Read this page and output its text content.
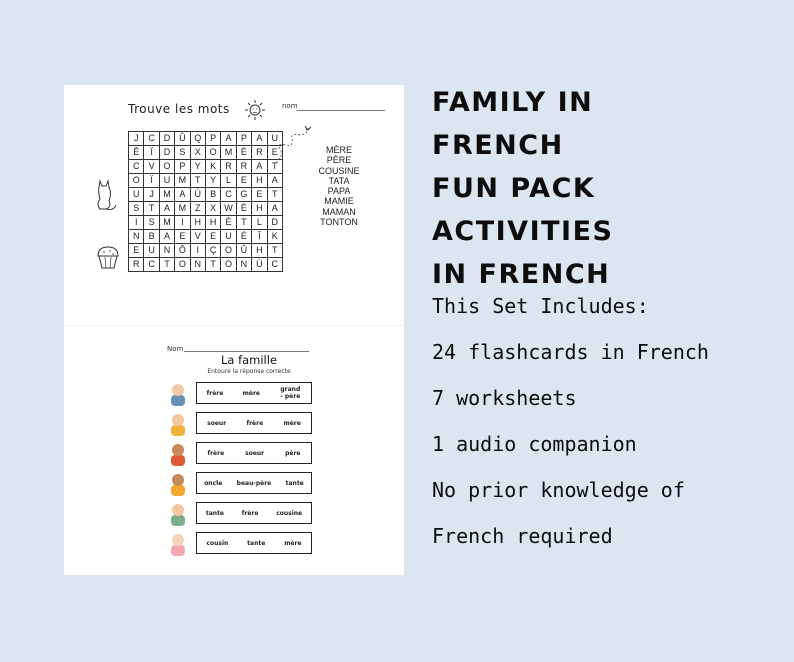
Trouve les mots	nom
J	C	D	Û	Q	P	A	P	A	U
Ê	Ï	D	S	X	O	M	È	R	E
C	V	O	P	Y	K	R	R	A	T
O	Ï	U	M	T	Y	L	E	H	A
U	J	M	A	Ù	B	C	G	E	T
S	T	A	M	Z	X	W	È	H	A
I	S	M	I	H	H	È	T	L	D
N	B	A	E	V	E	U	É	Î	K
E	U	N	Ô	I	Ç	O	Û	H	T
R	C	T	O	N	T	O	N	Ù	C
MÈRE
PÈRE
COUSINE
TATA
PAPA
MAMIE
MAMAN
TONTON
Nom
La famille
Entoure la réponse correcte
frère	mère	grand - père
soeur	frère	mère
frère	soeur	père
oncle beau-père tante
tante	frère	cousine
cousin	tante	mère
FAMILY IN
FRENCH
FUN PACK
ACTIVITIES
IN FRENCH
This Set Includes:
24 flashcards in French
7 worksheets
1 audio companion
No prior knowledge of
French required
